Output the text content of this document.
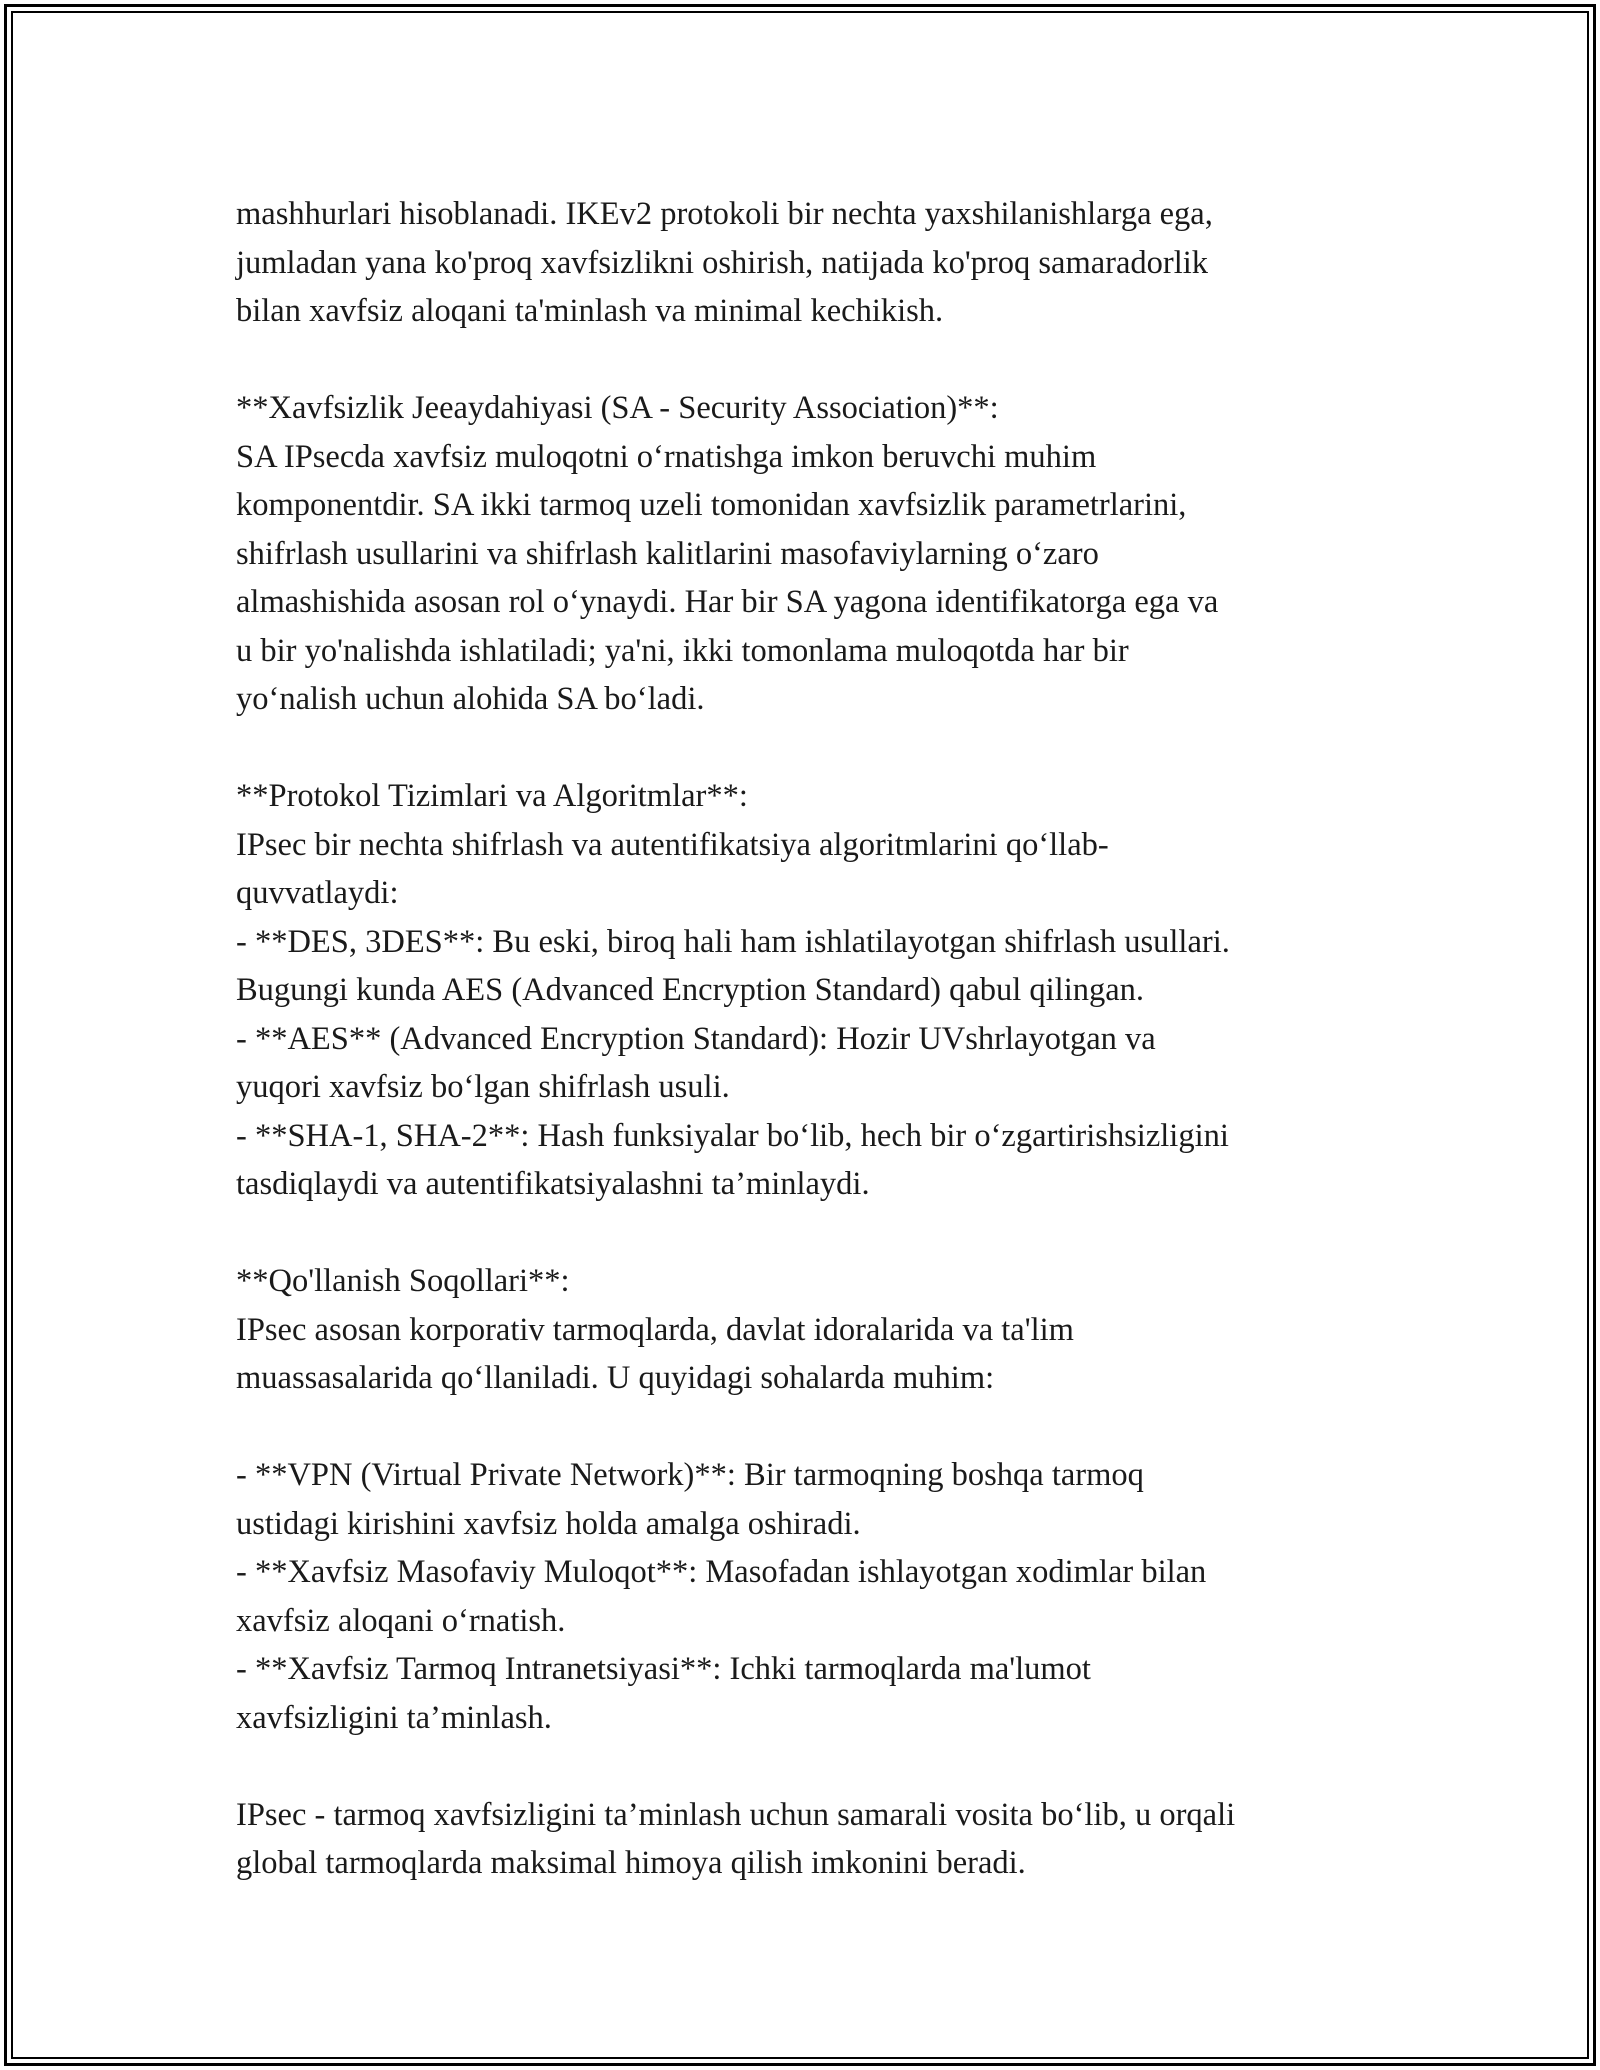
mashhurlari hisoblanadi. IKEv2 protokoli bir nechta yaxshilanishlarga ega,
jumladan yana ko'proq xavfsizlikni oshirish, natijada ko'proq samaradorlik
bilan xavfsiz aloqani ta'minlash va minimal kechikish.
**Xavfsizlik Jeeaydahiyasi (SA - Security Association)**:
SA IPsecda xavfsiz muloqotni o‘rnatishga imkon beruvchi muhim
komponentdir. SA ikki tarmoq uzeli tomonidan xavfsizlik parametrlarini,
shifrlash usullarini va shifrlash kalitlarini masofaviylarning o‘zaro
almashishida asosan rol o‘ynaydi. Har bir SA yagona identifikatorga ega va
u bir yo'nalishda ishlatiladi; ya'ni, ikki tomonlama muloqotda har bir
yo‘nalish uchun alohida SA bo‘ladi.
**Protokol Tizimlari va Algoritmlar**:
IPsec bir nechta shifrlash va autentifikatsiya algoritmlarini qo‘llab-
quvvatlaydi:
- **DES, 3DES**: Bu eski, biroq hali ham ishlatilayotgan shifrlash usullari.
Bugungi kunda AES (Advanced Encryption Standard) qabul qilingan.
- **AES** (Advanced Encryption Standard): Hozir UVshrlayotgan va
yuqori xavfsiz bo‘lgan shifrlash usuli.
- **SHA-1, SHA-2**: Hash funksiyalar bo‘lib, hech bir o‘zgartirishsizligini
tasdiqlaydi va autentifikatsiyalashni ta’minlaydi.
**Qo'llanish Soqollari**:
IPsec asosan korporativ tarmoqlarda, davlat idoralarida va ta'lim
muassasalarida qo‘llaniladi. U quyidagi sohalarda muhim:
- **VPN (Virtual Private Network)**: Bir tarmoqning boshqa tarmoq
ustidagi kirishini xavfsiz holda amalga oshiradi.
- **Xavfsiz Masofaviy Muloqot**: Masofadan ishlayotgan xodimlar bilan
xavfsiz aloqani o‘rnatish.
- **Xavfsiz Tarmoq Intranetsiyasi**: Ichki tarmoqlarda ma'lumot
xavfsizligini ta’minlash.
IPsec - tarmoq xavfsizligini ta’minlash uchun samarali vosita bo‘lib, u orqali
global tarmoqlarda maksimal himoya qilish imkonini beradi.
